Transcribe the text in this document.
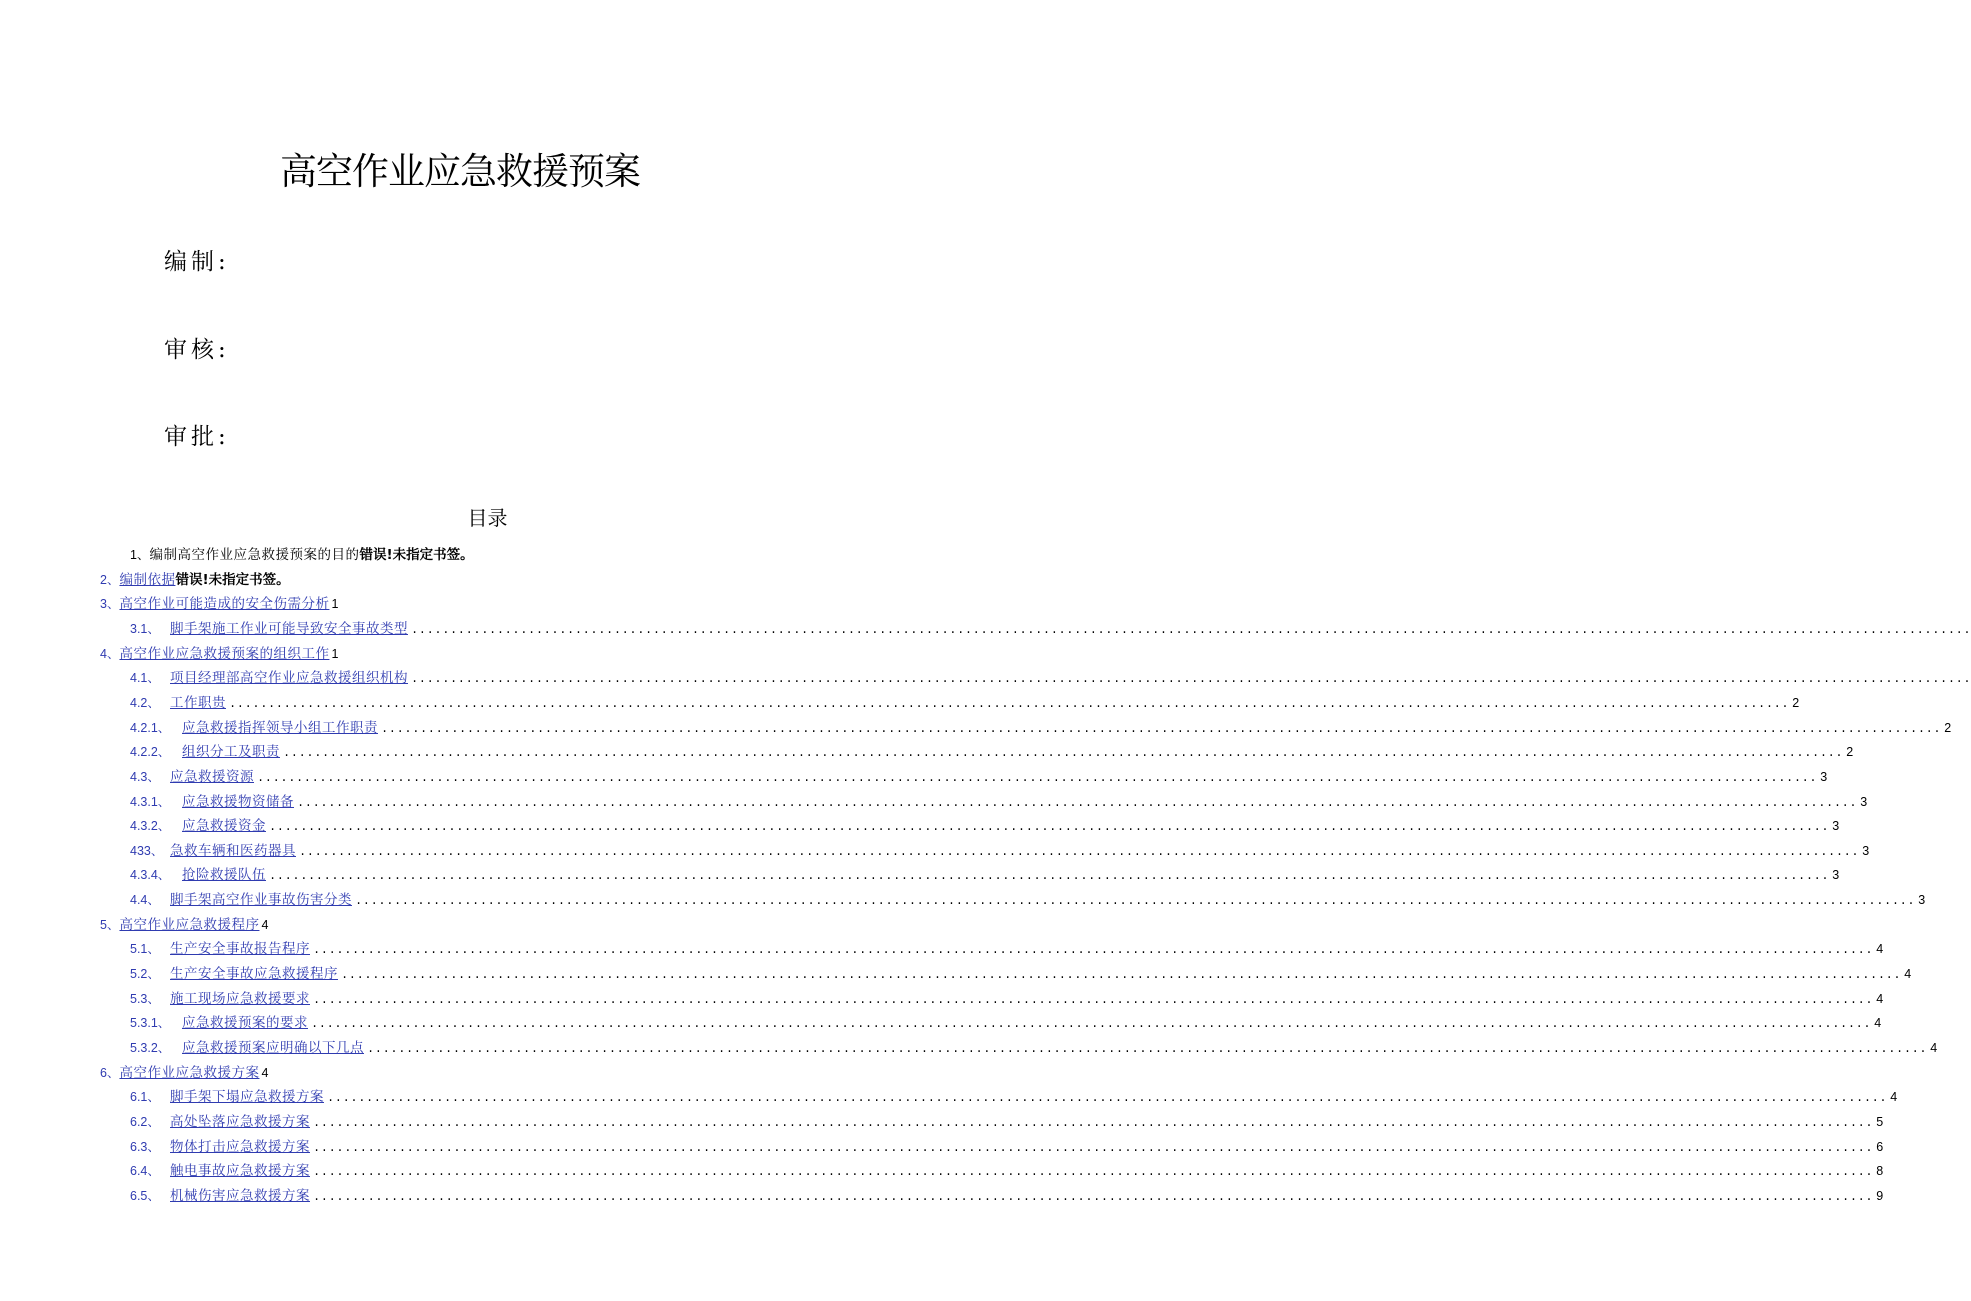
高空作业应急救援预案
编制:
审核:
审批:
目录
1、 编制高空作业应急救援预案的目的 错误!未指定书签。
2、 编制依据 错误!未指定书签。
3、 高空作业可能造成的安全伤需分析 1
3.1、 脚手架施工作业可能导致安全事故类型 ........................................................................................................................................................................................................
4、 高空作业应急救援预案的组织工作 1
4.1、 项目经理部高空作业应急救援组织机构 ........................................................................................................................................................................................................
4.2、 工作职贵 ........................................................................................................................................................................................................ 2
4.2.1、 应急救援指挥领导小组工作职责 ........................................................................................................................................................................................................ 2
4.2.2、 组织分工及职责 ........................................................................................................................................................................................................ 2
4.3、 应急救援资源 ........................................................................................................................................................................................................ 3
4.3.1、 应急救援物资储备 ........................................................................................................................................................................................................ 3
4.3.2、 应急救援资金 ........................................................................................................................................................................................................ 3
433、 急救车辆和医药器具 ........................................................................................................................................................................................................ 3
4.3.4、 抢险救援队伍 ........................................................................................................................................................................................................ 3
4.4、 脚手架高空作业事故伤害分类 ........................................................................................................................................................................................................ 3
5、 高空作业应急救援程序 4
5.1、 生产安全事故报告程序 ........................................................................................................................................................................................................ 4
5.2、 生产安全事故应急救援程序 ........................................................................................................................................................................................................ 4
5.3、 施工现场应急救援要求 ........................................................................................................................................................................................................ 4
5.3.1、 应急救援预案的要求 ........................................................................................................................................................................................................ 4
5.3.2、 应急救援预案应明确以下几点 ........................................................................................................................................................................................................ 4
6、 高空作业应急救援方案 4
6.1、 脚手架下塌应急救援方案 ........................................................................................................................................................................................................ 4
6.2、 高处坠落应急救援方案 ........................................................................................................................................................................................................ 5
6.3、 物体打击应急救援方案 ........................................................................................................................................................................................................ 6
6.4、 触电事故应急救援方案 ........................................................................................................................................................................................................ 8
6.5、 机械伤害应急救援方案 ........................................................................................................................................................................................................ 9
